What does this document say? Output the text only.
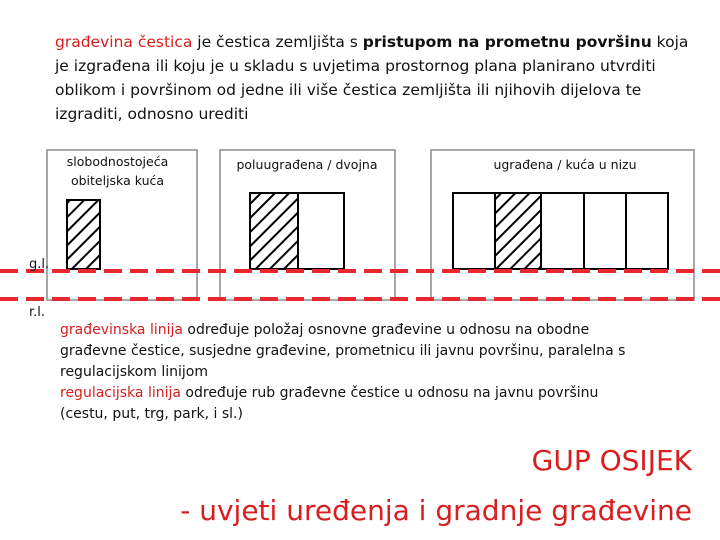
građevina čestica je čestica zemljišta s pristupom na prometnu površinu koja je izgrađena ili koju je u skladu s uvjetima prostornog plana planirano utvrditi oblikom i površinom od jedne ili više čestica zemljišta ili njihovih dijelova te izgraditi, odnosno urediti
slobodnostojeća obiteljska kuća
poluugrađena / dvojna	ugrađena / kuća u nizu
g.l.
r.l.
građevinska linija određuje položaj osnovne građevine u odnosu na obodne građevne čestice, susjedne građevine, prometnicu ili javnu površinu, paralelna s regulacijskom linijom
regulacijska linija određuje rub građevne čestice u odnosu na javnu površinu (cestu, put, trg, park, i sl.)
GUP OSIJEK
- uvjeti uređenja i gradnje građevine
